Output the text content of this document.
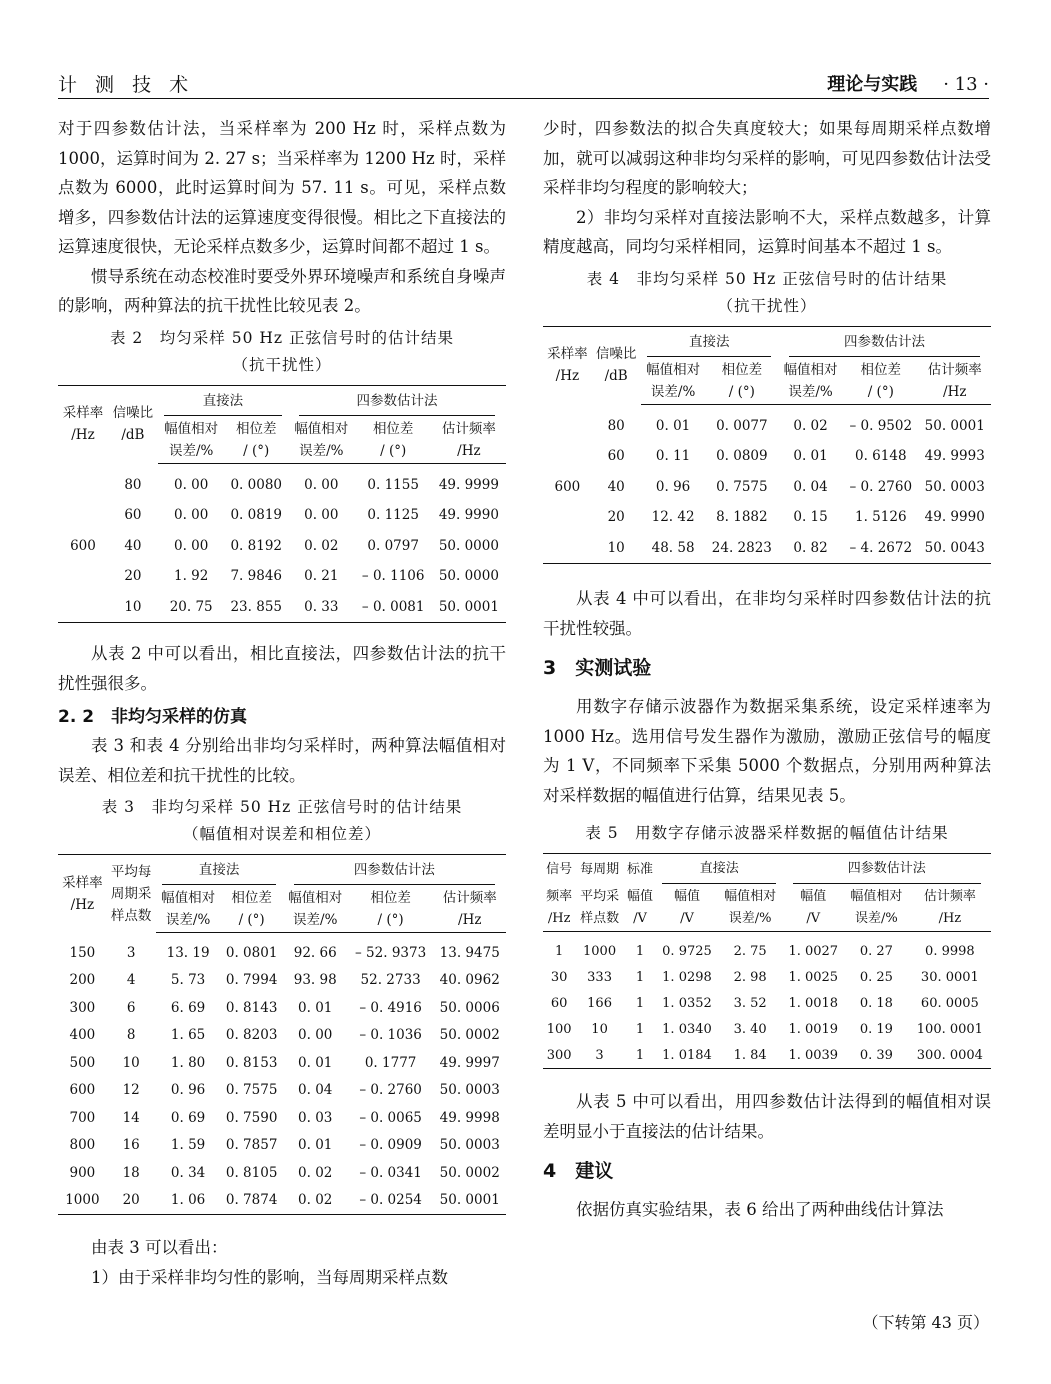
计 测 技 术	理论与实践 · 13 ·

对于四参数估计法，当采样率为 200 Hz 时，采样点数为 1000，运算时间为 2. 27 s；当采样率为 1200 Hz 时，采样点数为 6000，此时运算时间为 57. 11 s。可见，采样点数增多，四参数估计法的运算速度变得很慢。相比之下直接法的运算速度很快，无论采样点数多少，运算时间都不超过 1 s。

惯导系统在动态校准时要受外界环境噪声和系统自身噪声的影响，两种算法的抗干扰性比较见表 2。

表 2　均匀采样 50 Hz 正弦信号时的估计结果
（抗干扰性）
采样率
/Hz	信噪比
/dB	直接法		四参数估计法		
		幅值相对
误差/%	相位差
/ (°)	幅值相对
误差/%	相位差
/ (°)	估计频率
/Hz
600	80	0. 00	0. 0080	0. 00	0. 1155	49. 9999
	60	0. 00	0. 0819	0. 00	0. 1125	49. 9990
	40	0. 00	0. 8192	0. 02	0. 0797	50. 0000
	20	1. 92	7. 9846	0. 21	– 0. 1106	50. 0000
	10	20. 75	23. 855	0. 33	– 0. 0081	50. 0001

从表 2 中可以看出，相比直接法，四参数估计法的抗干扰性强很多。

2. 2　非均匀采样的仿真

表 3 和表 4 分别给出非均匀采样时，两种算法幅值相对误差、相位差和抗干扰性的比较。

表 3　非均匀采样 50 Hz 正弦信号时的估计结果
（幅值相对误差和相位差）
采样率
/Hz	平均每
周期采
样点数	直接法		四参数估计法		
		幅值相对
误差/%	相位差
/ (°)	幅值相对
误差/%	相位差
/ (°)	估计频率
/Hz
150	3	13. 19	0. 0801	92. 66	– 52. 9373	13. 9475
200	4	5. 73	0. 7994	93. 98	52. 2733	40. 0962
300	6	6. 69	0. 8143	0. 01	– 0. 4916	50. 0006
400	8	1. 65	0. 8203	0. 00	– 0. 1036	50. 0002
500	10	1. 80	0. 8153	0. 01	0. 1777	49. 9997
600	12	0. 96	0. 7575	0. 04	– 0. 2760	50. 0003
700	14	0. 69	0. 7590	0. 03	– 0. 0065	49. 9998
800	16	1. 59	0. 7857	0. 01	– 0. 0909	50. 0003
900	18	0. 34	0. 8105	0. 02	– 0. 0341	50. 0002
1000	20	1. 06	0. 7874	0. 02	– 0. 0254	50. 0001

由表 3 可以看出：

1）由于采样非均匀性的影响，当每周期采样点数

少时，四参数法的拟合失真度较大；如果每周期采样点数增加，就可以减弱这种非均匀采样的影响，可见四参数估计法受采样非均匀程度的影响较大；

2）非均匀采样对直接法影响不大，采样点数越多，计算精度越高，同均匀采样相同，运算时间基本不超过 1 s。

表 4　非均匀采样 50 Hz 正弦信号时的估计结果
（抗干扰性）
采样率
/Hz	信噪比
/dB	直接法		四参数估计法		
		幅值相对
误差/%	相位差
/ (°)	幅值相对
误差/%	相位差
/ (°)	估计频率
/Hz
600	80	0. 01	0. 0077	0. 02	– 0. 9502	50. 0001
	60	0. 11	0. 0809	0. 01	0. 6148	49. 9993
	40	0. 96	0. 7575	0. 04	– 0. 2760	50. 0003
	20	12. 42	8. 1882	0. 15	1. 5126	49. 9990
	10	48. 58	24. 2823	0. 82	– 4. 2672	50. 0043

从表 4 中可以看出，在非均匀采样时四参数估计法的抗干扰性较强。

3　实测试验

用数字存储示波器作为数据采集系统，设定采样速率为 1000 Hz。选用信号发生器作为激励，激励正弦信号的幅度为 1 V，不同频率下采集 5000 个数据点，分别用两种算法对采样数据的幅值进行估算，结果见表 5。

表 5　用数字存储示波器采样数据的幅值估计结果
信号	每周期	标准	直接法		四参数估计法		
频率
/Hz	平均采
样点数	幅值
/V	幅值
/V	幅值相对
误差/%	幅值
/V	幅值相对
误差/%	估计频率
/Hz
1	1000	1	0. 9725	2. 75	1. 0027	0. 27	0. 9998
30	333	1	1. 0298	2. 98	1. 0025	0. 25	30. 0001
60	166	1	1. 0352	3. 52	1. 0018	0. 18	60. 0005
100	10	1	1. 0340	3. 40	1. 0019	0. 19	100. 0001
300	3	1	1. 0184	1. 84	1. 0039	0. 39	300. 0004

从表 5 中可以看出，用四参数估计法得到的幅值相对误差明显小于直接法的估计结果。

4　建议

依据仿真实验结果，表 6 给出了两种曲线估计算法

（下转第 43 页）
